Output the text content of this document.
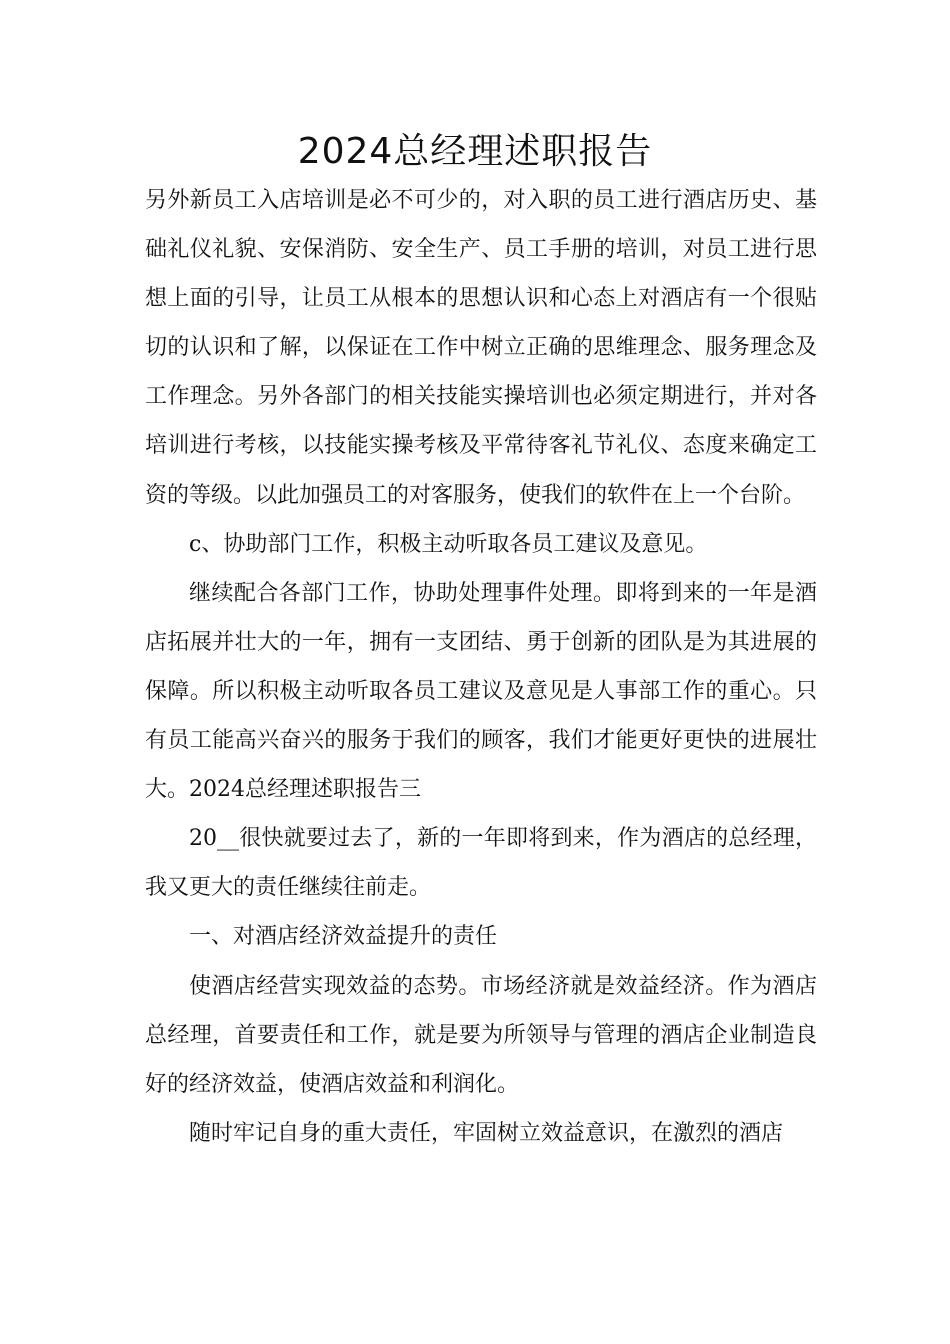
2024总经理述职报告

另外新员工入店培训是必不可少的，对入职的员工进行酒店历史、基础礼仪礼貌、安保消防、安全生产、员工手册的培训，对员工进行思想上面的引导，让员工从根本的思想认识和心态上对酒店有一个很贴切的认识和了解，以保证在工作中树立正确的思维理念、服务理念及工作理念。另外各部门的相关技能实操培训也必须定期进行，并对各培训进行考核，以技能实操考核及平常待客礼节礼仪、态度来确定工资的等级。以此加强员工的对客服务，使我们的软件在上一个台阶。

c、协助部门工作，积极主动听取各员工建议及意见。

继续配合各部门工作，协助处理事件处理。即将到来的一年是酒店拓展并壮大的一年，拥有一支团结、勇于创新的团队是为其进展的保障。所以积极主动听取各员工建议及意见是人事部工作的重心。只有员工能高兴奋兴的服务于我们的顾客，我们才能更好更快的进展壮大。2024总经理述职报告三

20__很快就要过去了，新的一年即将到来，作为酒店的总经理，我又更大的责任继续往前走。

一、对酒店经济效益提升的责任

使酒店经营实现效益的态势。市场经济就是效益经济。作为酒店总经理，首要责任和工作，就是要为所领导与管理的酒店企业制造良好的经济效益，使酒店效益和利润化。

随时牢记自身的重大责任，牢固树立效益意识，在激烈的酒店
